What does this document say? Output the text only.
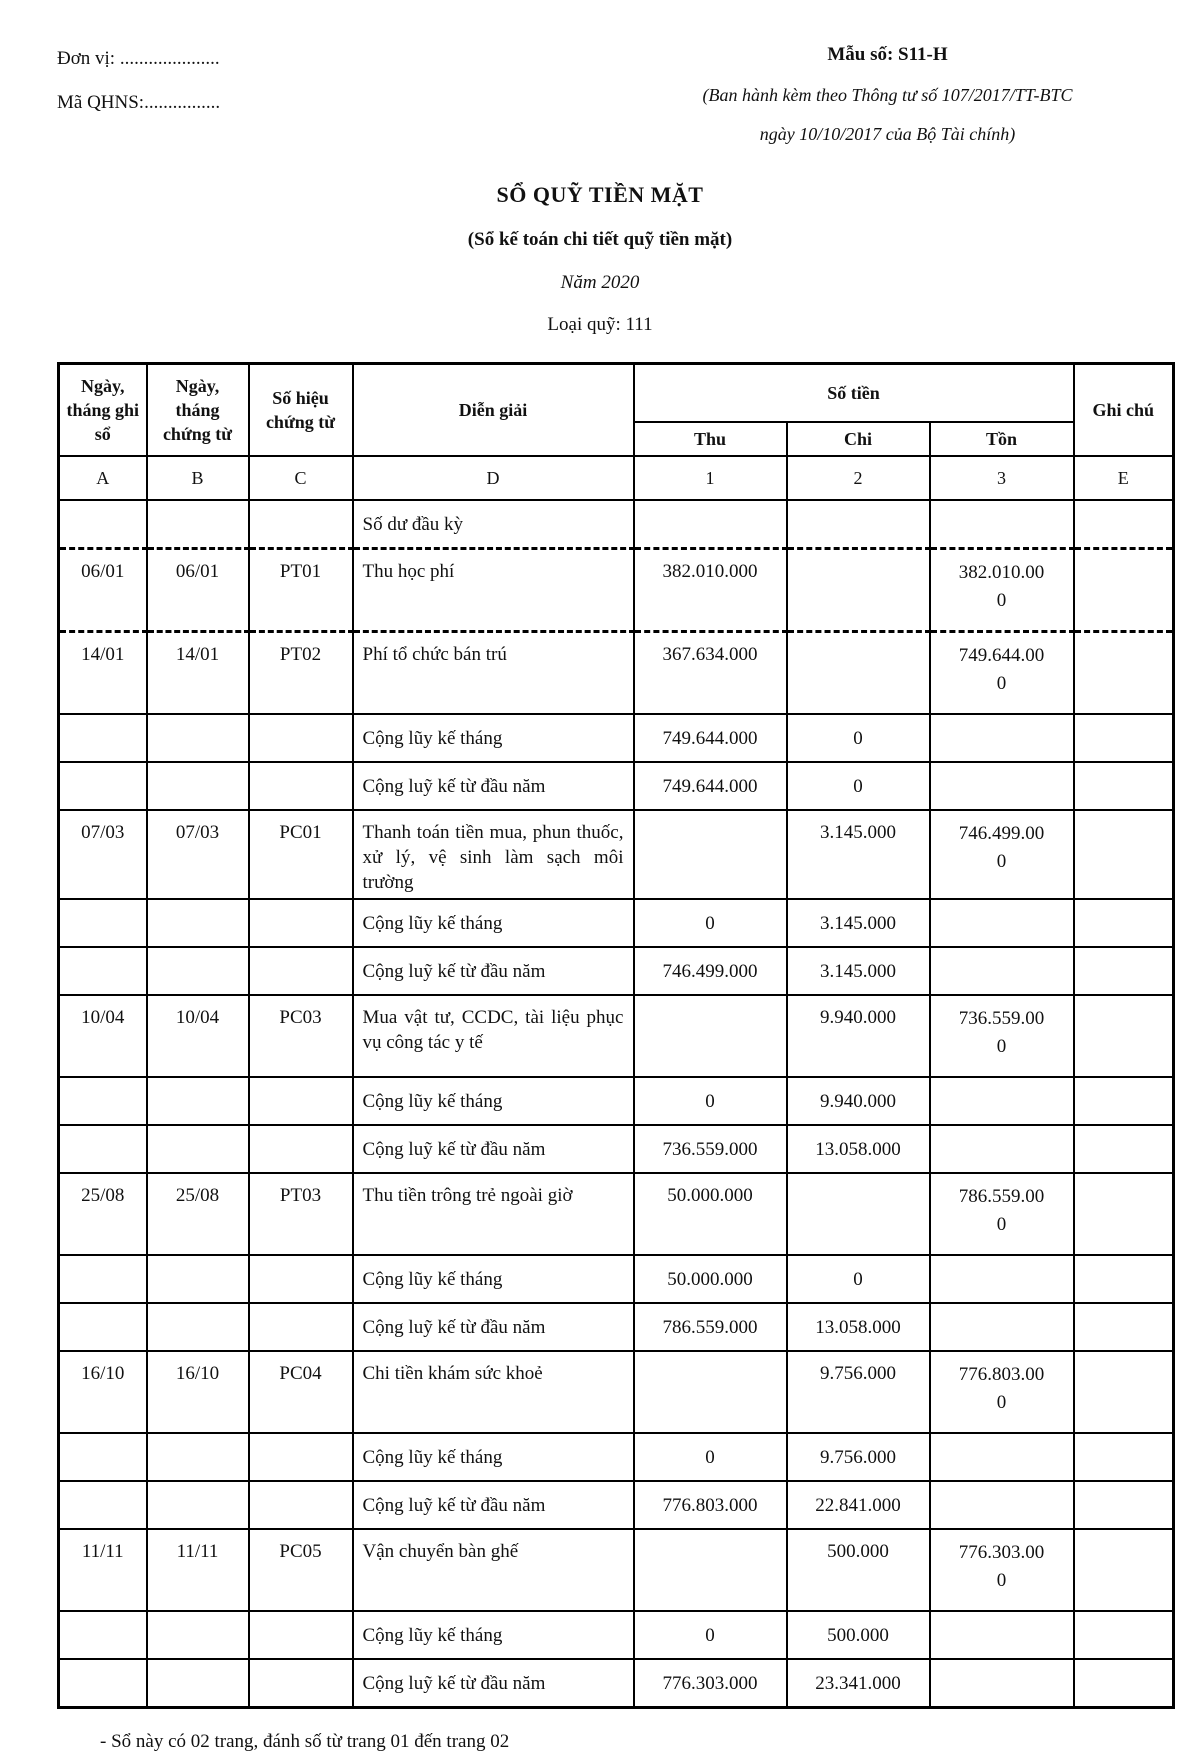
Đơn vị: .....................
Mã QHNS:................
Mẫu số: S11-H
(Ban hành kèm theo Thông tư số 107/2017/TT-BTC
ngày 10/10/2017 của Bộ Tài chính)
SỔ QUỸ TIỀN MẶT
(Sổ kế toán chi tiết quỹ tiền mặt)
Năm 2020
Loại quỹ: 111
Ngày, tháng ghi sổ	Ngày, tháng chứng từ	Số hiệu chứng từ	Diễn giải	Số tiền			Ghi chú
				Thu	Chi	Tồn	
A	B	C	D	1	2	3	E
			Số dư đầu kỳ				
06/01	06/01	PT01	Thu học phí	382.010.000		382.010.000	
14/01	14/01	PT02	Phí tổ chức bán trú	367.634.000		749.644.000	
			Cộng lũy kế tháng	749.644.000	0		
			Cộng luỹ kế từ đầu năm	749.644.000	0		
07/03	07/03	PC01	Thanh toán tiền mua, phun thuốc, xử lý, vệ sinh làm sạch môi trường		3.145.000	746.499.000	
			Cộng lũy kế tháng	0	3.145.000		
			Cộng luỹ kế từ đầu năm	746.499.000	3.145.000		
10/04	10/04	PC03	Mua vật tư, CCDC, tài liệu phục vụ công tác y tế		9.940.000	736.559.000	
			Cộng lũy kế tháng	0	9.940.000		
			Cộng luỹ kế từ đầu năm	736.559.000	13.058.000		
25/08	25/08	PT03	Thu tiền trông trẻ ngoài giờ	50.000.000		786.559.000	
			Cộng lũy kế tháng	50.000.000	0		
			Cộng luỹ kế từ đầu năm	786.559.000	13.058.000		
16/10	16/10	PC04	Chi tiền khám sức khoẻ		9.756.000	776.803.000	
			Cộng lũy kế tháng	0	9.756.000		
			Cộng luỹ kế từ đầu năm	776.803.000	22.841.000		
11/11	11/11	PC05	Vận chuyển bàn ghế		500.000	776.303.000	
			Cộng lũy kế tháng	0	500.000		
			Cộng luỹ kế từ đầu năm	776.303.000	23.341.000		
- Sổ này có 02 trang, đánh số từ trang 01 đến trang 02
